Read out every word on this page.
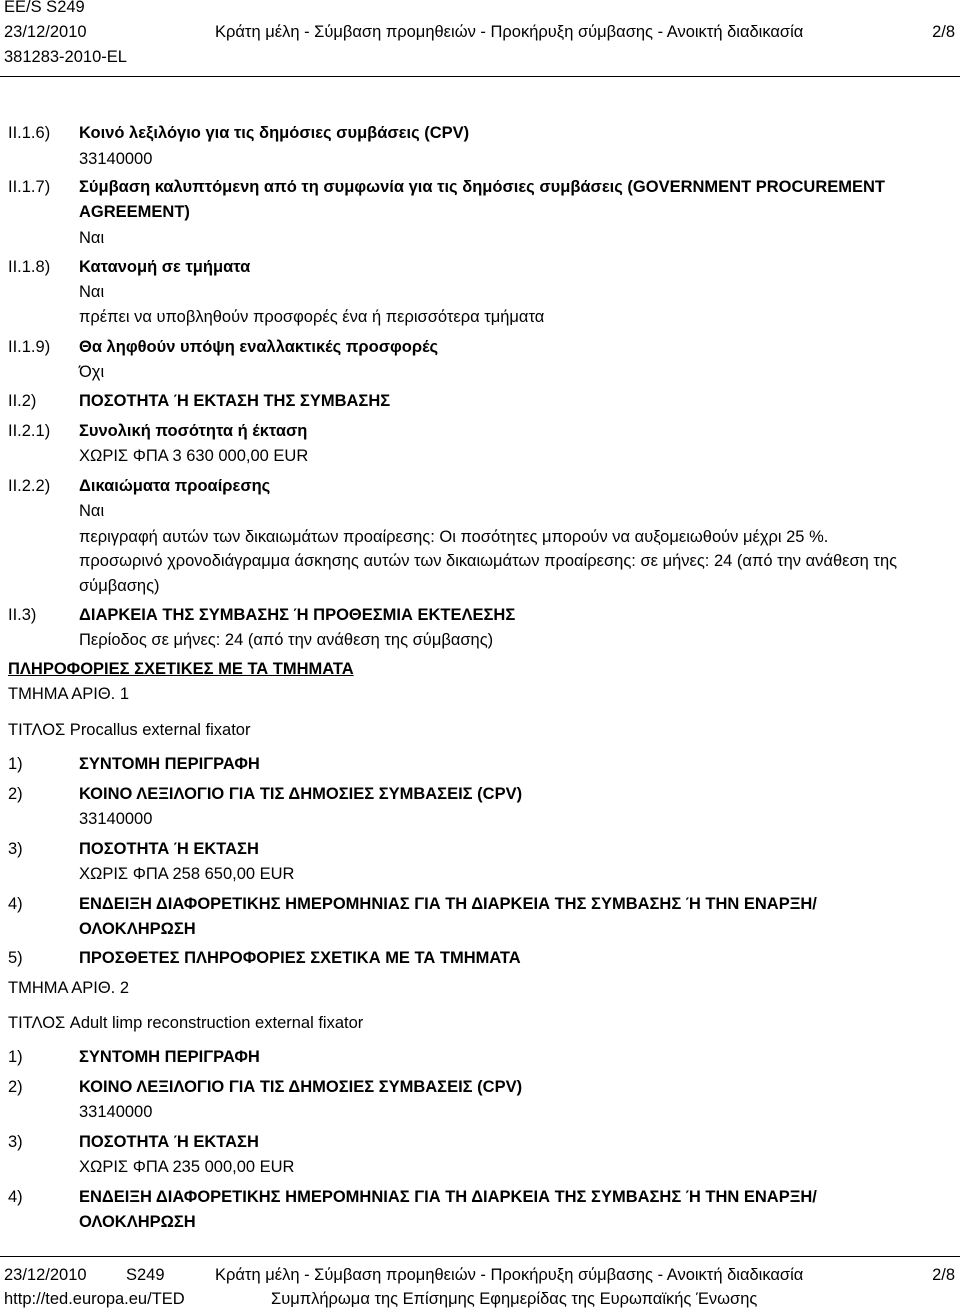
EE/S S249
23/12/2010	Κράτη μέλη - Σύμβαση προμηθειών - Προκήρυξη σύμβασης - Ανοικτή διαδικασία	2/8
381283-2010-EL
II.1.6) Κοινό λεξιλόγιο για τις δημόσιες συμβάσεις (CPV)
33140000
II.1.7) Σύμβαση καλυπτόμενη από τη συμφωνία για τις δημόσιες συμβάσεις (GOVERNMENT PROCUREMENT
AGREEMENT)
Ναι
II.1.8) Κατανομή σε τμήματα
Ναι
πρέπει να υποβληθούν προσφορές ένα ή περισσότερα τμήματα
II.1.9) Θα ληφθούν υπόψη εναλλακτικές προσφορές
Όχι
II.2)	ΠΟΣΟΤΗΤΑ Ή ΕΚΤΑΣΗ ΤΗΣ ΣΥΜΒΑΣΗΣ
II.2.1) Συνολική ποσότητα ή έκταση
ΧΩΡΙΣ ΦΠΑ 3 630 000,00 EUR
II.2.2) Δικαιώματα προαίρεσης
Ναι
περιγραφή αυτών των δικαιωμάτων προαίρεσης: Οι ποσότητες μπορούν να αυξομειωθούν μέχρι 25 %.
προσωρινό χρονοδιάγραμμα άσκησης αυτών των δικαιωμάτων προαίρεσης: σε μήνες: 24 (από την ανάθεση της
σύμβασης)
II.3)	ΔΙΑΡΚΕΙΑ ΤΗΣ ΣΥΜΒΑΣΗΣ Ή ΠΡΟΘΕΣΜΙΑ ΕΚΤΕΛΕΣΗΣ
Περίοδος σε μήνες: 24 (από την ανάθεση της σύμβασης)
ΠΛΗΡΟΦΟΡΙΕΣ ΣΧΕΤΙΚΕΣ ΜΕ ΤΑ ΤΜΗΜΑΤΑ
ΤΜΗΜΑ ΑΡΙΘ. 1
ΤΙΤΛΟΣ Procallus external fixator
1)	ΣΥΝΤΟΜΗ ΠΕΡΙΓΡΑΦΗ
2)	ΚΟΙΝΟ ΛΕΞΙΛΟΓΙΟ ΓΙΑ ΤΙΣ ΔΗΜΟΣΙΕΣ ΣΥΜΒΑΣΕΙΣ (CPV)
33140000
3)	ΠΟΣΟΤΗΤΑ Ή ΕΚΤΑΣΗ
ΧΩΡΙΣ ΦΠΑ 258 650,00 EUR
4)	ΕΝΔΕΙΞΗ ΔΙΑΦΟΡΕΤΙΚΗΣ ΗΜΕΡΟΜΗΝΙΑΣ ΓΙΑ ΤΗ ΔΙΑΡΚΕΙΑ ΤΗΣ ΣΥΜΒΑΣΗΣ Ή ΤΗΝ ΕΝΑΡΞΗ/
ΟΛΟΚΛΗΡΩΣΗ
5)	ΠΡΟΣΘΕΤΕΣ ΠΛΗΡΟΦΟΡΙΕΣ ΣΧΕΤΙΚΑ ΜΕ ΤΑ ΤΜΗΜΑΤΑ
ΤΜΗΜΑ ΑΡΙΘ. 2
ΤΙΤΛΟΣ Adult limp reconstruction external fixator
1)	ΣΥΝΤΟΜΗ ΠΕΡΙΓΡΑΦΗ
2)	ΚΟΙΝΟ ΛΕΞΙΛΟΓΙΟ ΓΙΑ ΤΙΣ ΔΗΜΟΣΙΕΣ ΣΥΜΒΑΣΕΙΣ (CPV)
33140000
3)	ΠΟΣΟΤΗΤΑ Ή ΕΚΤΑΣΗ
ΧΩΡΙΣ ΦΠΑ 235 000,00 EUR
4)	ΕΝΔΕΙΞΗ ΔΙΑΦΟΡΕΤΙΚΗΣ ΗΜΕΡΟΜΗΝΙΑΣ ΓΙΑ ΤΗ ΔΙΑΡΚΕΙΑ ΤΗΣ ΣΥΜΒΑΣΗΣ Ή ΤΗΝ ΕΝΑΡΞΗ/
ΟΛΟΚΛΗΡΩΣΗ
23/12/2010 S249	Κράτη μέλη - Σύμβαση προμηθειών - Προκήρυξη σύμβασης - Ανοικτή διαδικασία	2/8
http://ted.europa.eu/TED	Συμπλήρωμα της Επίσημης Εφημερίδας της Ευρωπαϊκής Ένωσης
